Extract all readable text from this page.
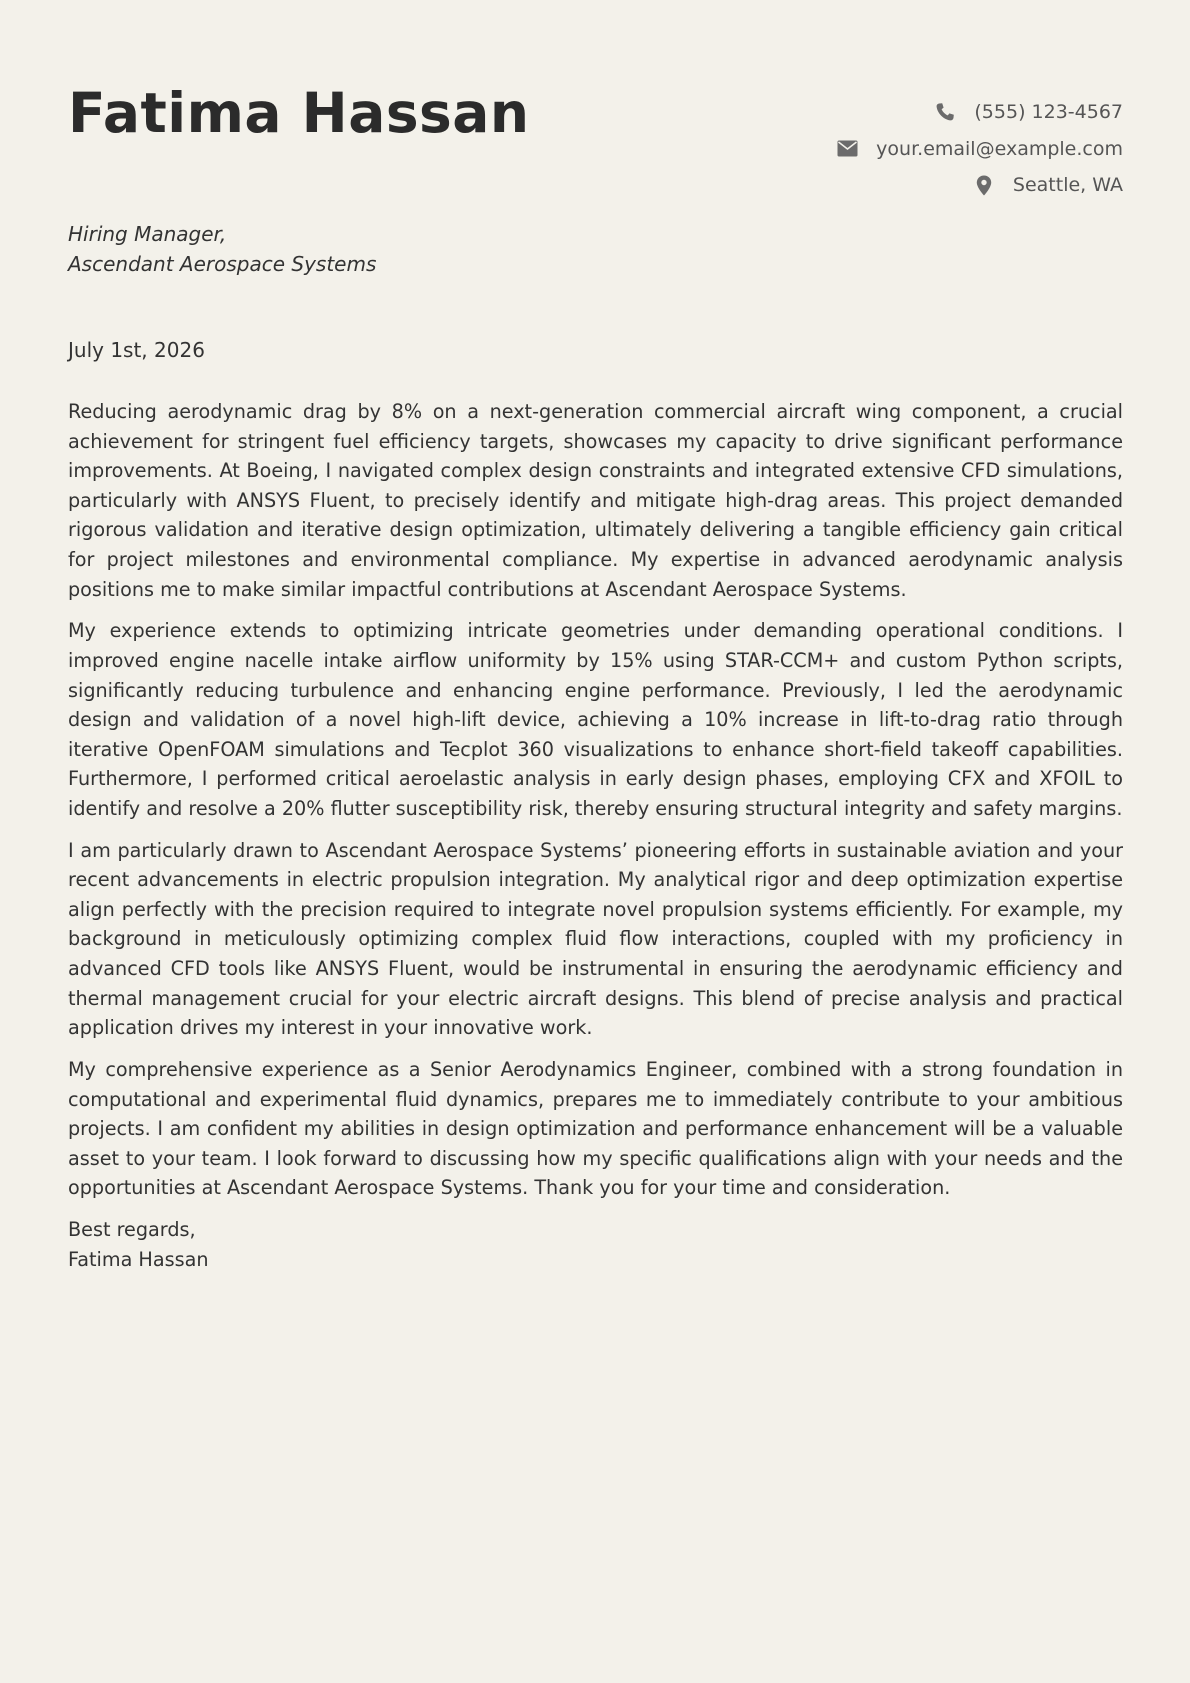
Fatima Hassan	(555) 123-4567
your.email@example.com
Seattle, WA
Hiring Manager,
Ascendant Aerospace Systems
July 1st, 2026

Reducing aerodynamic drag by 8% on a next-generation commercial aircraft wing component, a crucial achievement for stringent fuel efficiency targets, showcases my capacity to drive significant performance improvements. At Boeing, I navigated complex design constraints and integrated extensive CFD simulations, particularly with ANSYS Fluent, to precisely identify and mitigate high-drag areas. This project demanded rigorous validation and iterative design optimization, ultimately delivering a tangible efficiency gain critical for project milestones and environmental compliance. My expertise in advanced aerodynamic analysis positions me to make similar impactful contributions at Ascendant Aerospace Systems.

My experience extends to optimizing intricate geometries under demanding operational conditions. I improved engine nacelle intake airflow uniformity by 15% using STAR-CCM+ and custom Python scripts, significantly reducing turbulence and enhancing engine performance. Previously, I led the aerodynamic design and validation of a novel high-lift device, achieving a 10% increase in lift-to-drag ratio through iterative OpenFOAM simulations and Tecplot 360 visualizations to enhance short-field takeoff capabilities. Furthermore, I performed critical aeroelastic analysis in early design phases, employing CFX and XFOIL to identify and resolve a 20% flutter susceptibility risk, thereby ensuring structural integrity and safety margins.

I am particularly drawn to Ascendant Aerospace Systems’ pioneering efforts in sustainable aviation and your recent advancements in electric propulsion integration. My analytical rigor and deep optimization expertise align perfectly with the precision required to integrate novel propulsion systems efficiently. For example, my background in meticulously optimizing complex fluid flow interactions, coupled with my proficiency in advanced CFD tools like ANSYS Fluent, would be instrumental in ensuring the aerodynamic efficiency and thermal management crucial for your electric aircraft designs. This blend of precise analysis and practical application drives my interest in your innovative work.

My comprehensive experience as a Senior Aerodynamics Engineer, combined with a strong foundation in computational and experimental fluid dynamics, prepares me to immediately contribute to your ambitious projects. I am confident my abilities in design optimization and performance enhancement will be a valuable asset to your team. I look forward to discussing how my specific qualifications align with your needs and the opportunities at Ascendant Aerospace Systems. Thank you for your time and consideration.

Best regards,
Fatima Hassan
